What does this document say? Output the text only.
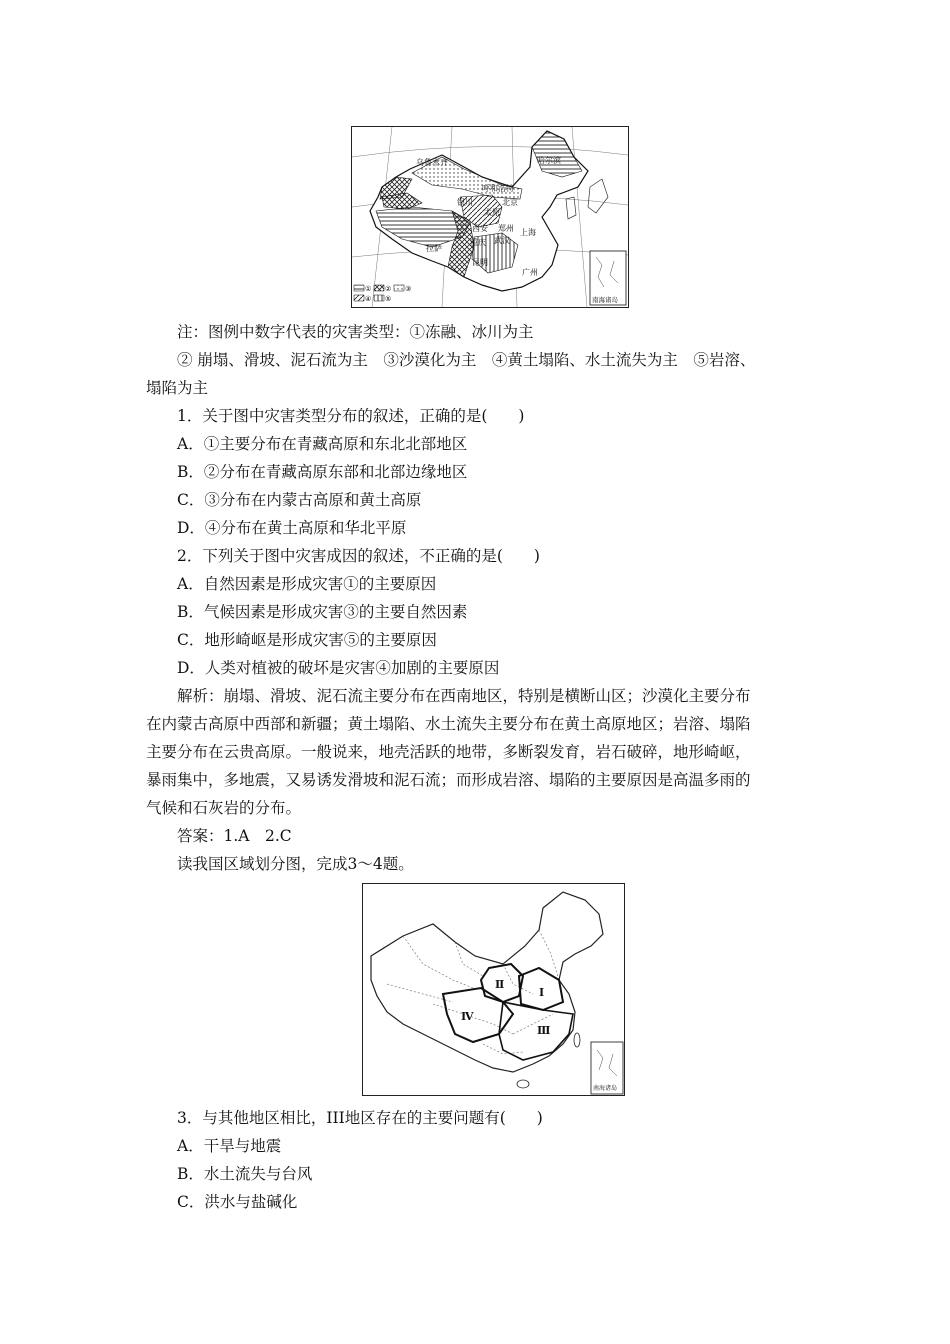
乌鲁木齐	哈尔滨
呼和浩特
银川
太原
北京
西安 郑州
武汉
上海
拉萨
重庆
昆明
广州
南海诸岛
① ② ③
④ ⑤
注：图例中数字代表的灾害类型：①冻融、冰川为主
② 崩塌、滑坡、泥石流为主　③沙漠化为主　④黄土塌陷、水土流失为主　⑤岩溶、
塌陷为主
1．关于图中灾害类型分布的叙述，正确的是(　　)
A．①主要分布在青藏高原和东北北部地区
B．②分布在青藏高原东部和北部边缘地区
C．③分布在内蒙古高原和黄土高原
D．④分布在黄土高原和华北平原
2．下列关于图中灾害成因的叙述，不正确的是(　　)
A．自然因素是形成灾害①的主要原因
B．气候因素是形成灾害③的主要自然因素
C．地形崎岖是形成灾害⑤的主要原因
D．人类对植被的破坏是灾害④加剧的主要原因
解析：崩塌、滑坡、泥石流主要分布在西南地区，特别是横断山区；沙漠化主要分布
在内蒙古高原中西部和新疆；黄土塌陷、水土流失主要分布在黄土高原地区；岩溶、塌陷
主要分布在云贵高原。一般说来，地壳活跃的地带，多断裂发育，岩石破碎，地形崎岖，
暴雨集中，多地震，又易诱发滑坡和泥石流；而形成岩溶、塌陷的主要原因是高温多雨的
气候和石灰岩的分布。
答案：1.A　2.C
读我国区域划分图，完成3～4题。
Ⅱ
Ⅰ
Ⅳ
Ⅲ
南海诸岛
3．与其他地区相比，III地区存在的主要问题有(　　)
A．干旱与地震
B．水土流失与台风
C．洪水与盐碱化
